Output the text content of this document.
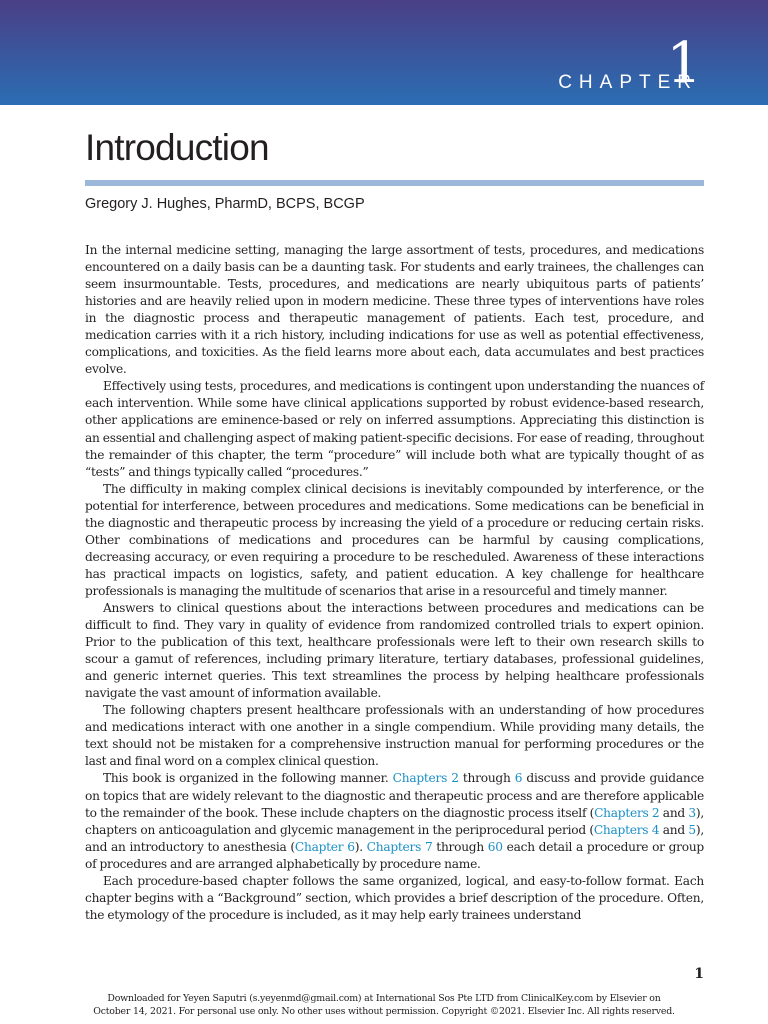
CHAPTER
1
Introduction

Gregory J. Hughes, PharmD, BCPS, BCGP

In the internal medicine setting, managing the large assortment of tests, procedures, and medications encountered on a daily basis can be a daunting task. For students and early trainees, the challenges can seem insurmountable. Tests, procedures, and medications are nearly ubiquitous parts of patients’ histories and are heavily relied upon in modern medicine. These three types of interventions have roles in the diagnostic process and therapeutic management of patients. Each test, procedure, and medication carries with it a rich history, including indications for use as well as potential effectiveness, complications, and toxicities. As the field learns more about each, data accumulates and best practices evolve.

Effectively using tests, procedures, and medications is contingent upon understanding the nuances of each intervention. While some have clinical applications supported by robust evidence-based research, other applications are eminence-based or rely on inferred assumptions. Appreciating this distinction is an essential and challenging aspect of making patient-specific decisions. For ease of reading, throughout the remainder of this chapter, the term “procedure” will include both what are typically thought of as “tests” and things typically called “procedures.”

The difficulty in making complex clinical decisions is inevitably compounded by interference, or the potential for interference, between procedures and medications. Some medications can be beneficial in the diagnostic and therapeutic process by increasing the yield of a procedure or reducing certain risks. Other combinations of medications and procedures can be harmful by causing complications, decreasing accuracy, or even requiring a procedure to be rescheduled. Awareness of these interactions has practical impacts on logistics, safety, and patient education. A key challenge for healthcare professionals is managing the multitude of scenarios that arise in a resourceful and timely manner.

Answers to clinical questions about the interactions between procedures and medications can be difficult to find. They vary in quality of evidence from randomized controlled trials to expert opinion. Prior to the publication of this text, healthcare professionals were left to their own research skills to scour a gamut of references, including primary literature, tertiary databases, professional guidelines, and generic internet queries. This text streamlines the process by helping healthcare professionals navigate the vast amount of information available.

The following chapters present healthcare professionals with an understanding of how procedures and medications interact with one another in a single compendium. While providing many details, the text should not be mistaken for a comprehensive instruction manual for performing procedures or the last and final word on a complex clinical question.

This book is organized in the following manner. Chapters 2 through 6 discuss and provide guidance on topics that are widely relevant to the diagnostic and therapeutic process and are therefore applicable to the remainder of the book. These include chapters on the diagnostic process itself (Chapters 2 and 3), chapters on anticoagulation and glycemic management in the periprocedural period (Chapters 4 and 5), and an introductory to anesthesia (Chapter 6). Chapters 7 through 60 each detail a procedure or group of procedures and are arranged alphabetically by procedure name.

Each procedure-based chapter follows the same organized, logical, and easy-to-follow format. Each chapter begins with a “Background” section, which provides a brief description of the procedure. Often, the etymology of the procedure is included, as it may help early trainees understand

1
Downloaded for Yeyen Saputri (s.yeyenmd@gmail.com) at International Sos Pte LTD from ClinicalKey.com by Elsevier on
October 14, 2021. For personal use only. No other uses without permission. Copyright ©2021. Elsevier Inc. All rights reserved.
